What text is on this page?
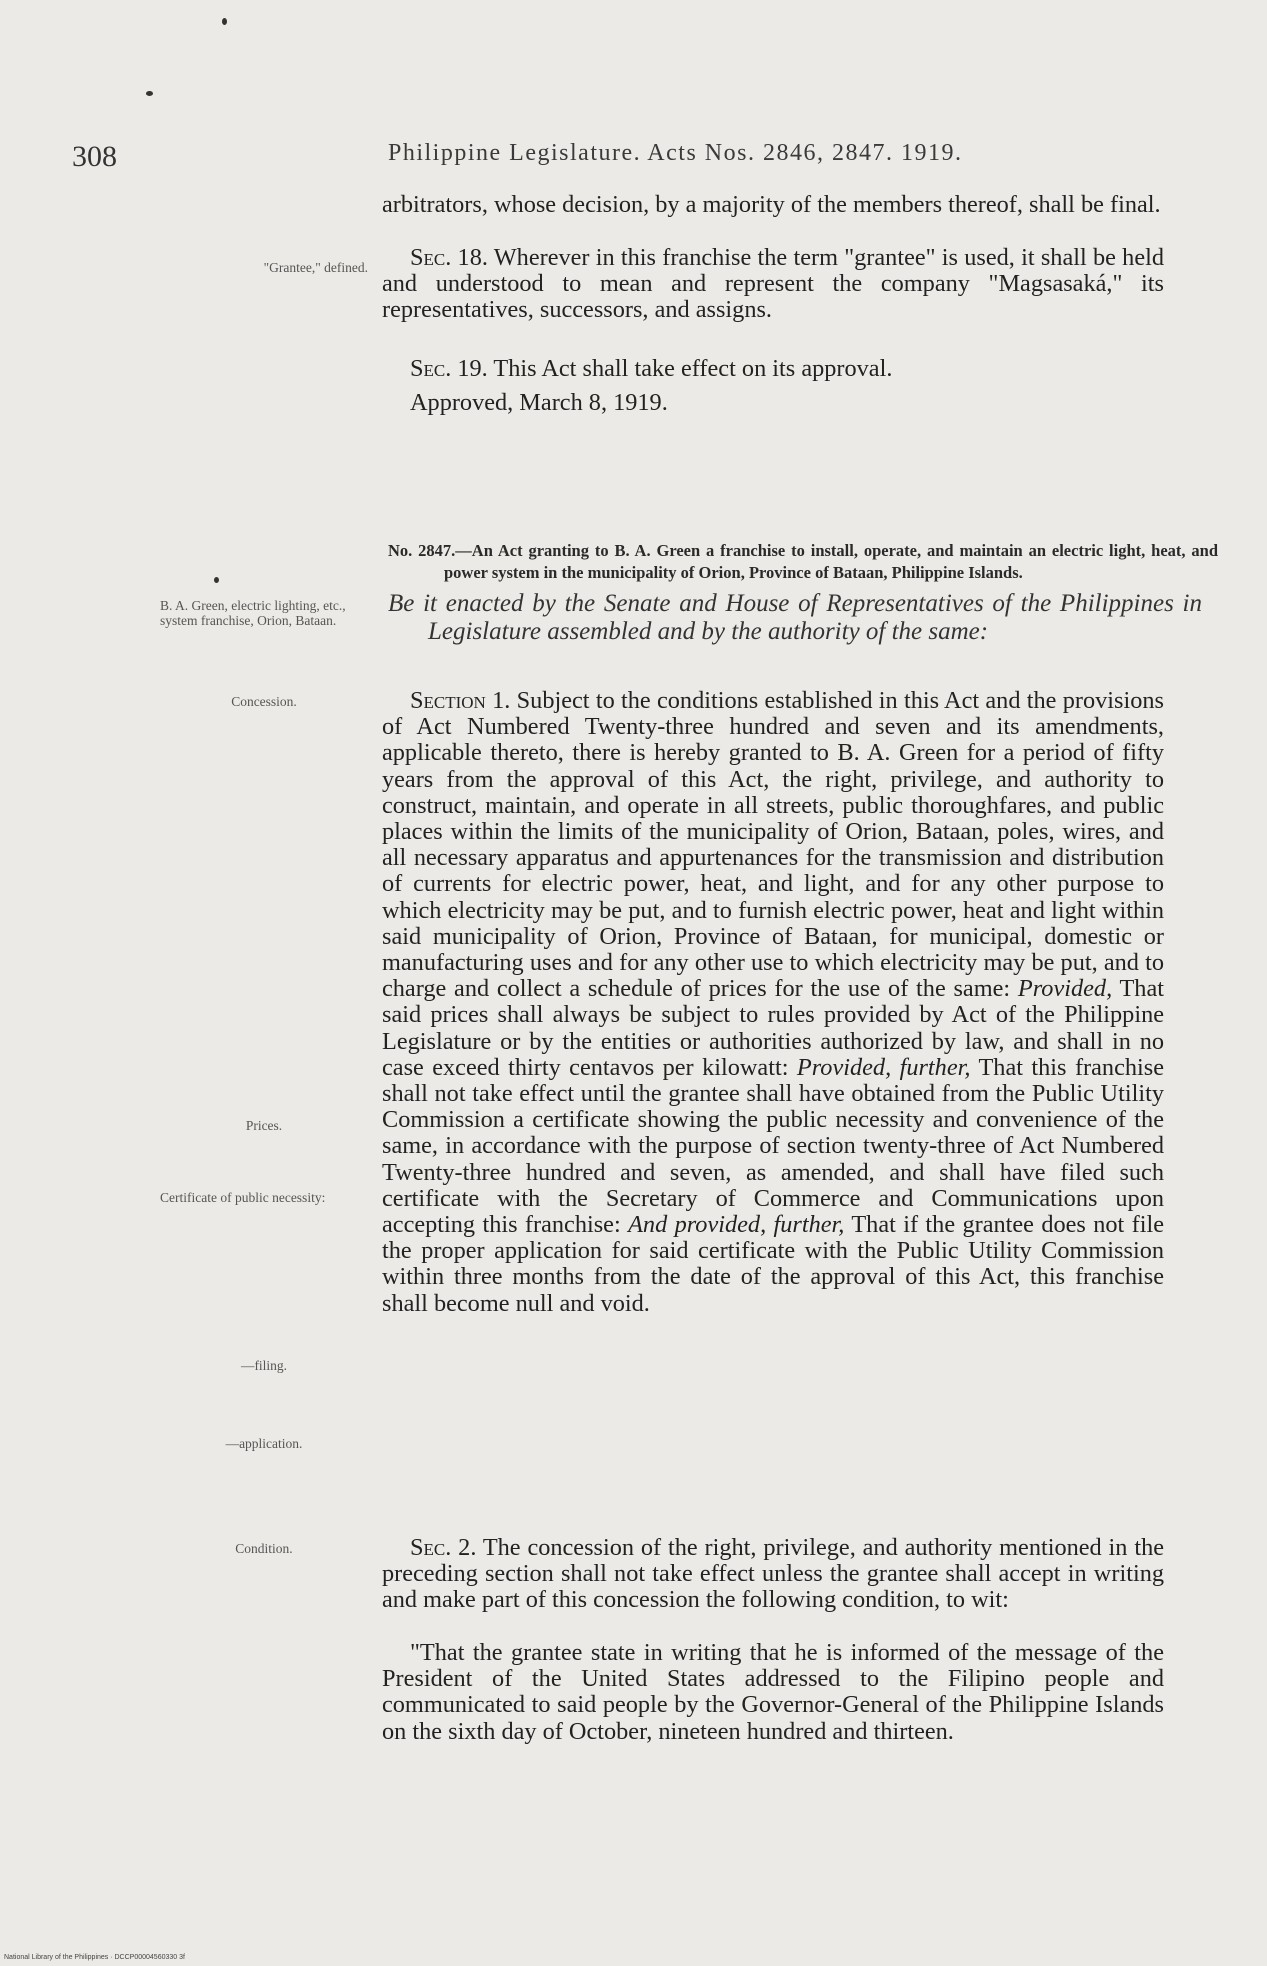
308	Philippine Legislature. Acts Nos. 2846, 2847. 1919.

arbitrators, whose decision, by a majority of the members thereof, shall be final.

"Grantee," defined.	Sec. 18. Wherever in this franchise the term "grantee" is used, it shall be held and understood to mean and represent the company "Magsasaká," its representatives, successors, and assigns.

Sec. 19. This Act shall take effect on its approval.

Approved, March 8, 1919.

No. 2847.—An Act granting to B. A. Green a franchise to install, operate, and maintain an electric light, heat, and power system in the municipality of Orion, Province of Bataan, Philippine Islands.

B. A. Green, electric lighting, etc., system franchise, Orion, Bataan.

Be it enacted by the Senate and House of Representatives of the Philippines in Legislature assembled and by the authority of the same:

Concession.
Prices.
Certificate of public necessity:
—filing.
—application.
Condition.

Section 1. Subject to the conditions established in this Act and the provisions of Act Numbered Twenty-three hundred and seven and its amendments, applicable thereto, there is hereby granted to B. A. Green for a period of fifty years from the approval of this Act, the right, privilege, and authority to construct, maintain, and operate in all streets, public thoroughfares, and public places within the limits of the municipality of Orion, Bataan, poles, wires, and all necessary apparatus and appurtenances for the transmission and distribution of currents for electric power, heat, and light, and for any other purpose to which electricity may be put, and to furnish electric power, heat and light within said municipality of Orion, Province of Bataan, for municipal, domestic or manufacturing uses and for any other use to which electricity may be put, and to charge and collect a schedule of prices for the use of the same: Provided, That said prices shall always be subject to rules provided by Act of the Philippine Legislature or by the entities or authorities authorized by law, and shall in no case exceed thirty centavos per kilowatt: Provided, further, That this franchise shall not take effect until the grantee shall have obtained from the Public Utility Commission a certificate showing the public necessity and convenience of the same, in accordance with the purpose of section twenty-three of Act Numbered Twenty-three hundred and seven, as amended, and shall have filed such certificate with the Secretary of Commerce and Communications upon accepting this franchise: And provided, further, That if the grantee does not file the proper application for said certificate with the Public Utility Commission within three months from the date of the approval of this Act, this franchise shall become null and void.

Sec. 2. The concession of the right, privilege, and authority mentioned in the preceding section shall not take effect unless the grantee shall accept in writing and make part of this concession the following condition, to wit:

"That the grantee state in writing that he is informed of the message of the President of the United States addressed to the Filipino people and communicated to said people by the Governor-General of the Philippine Islands on the sixth day of October, nineteen hundred and thirteen.

National Library of the Philippines · DCCP00004560330 3f
